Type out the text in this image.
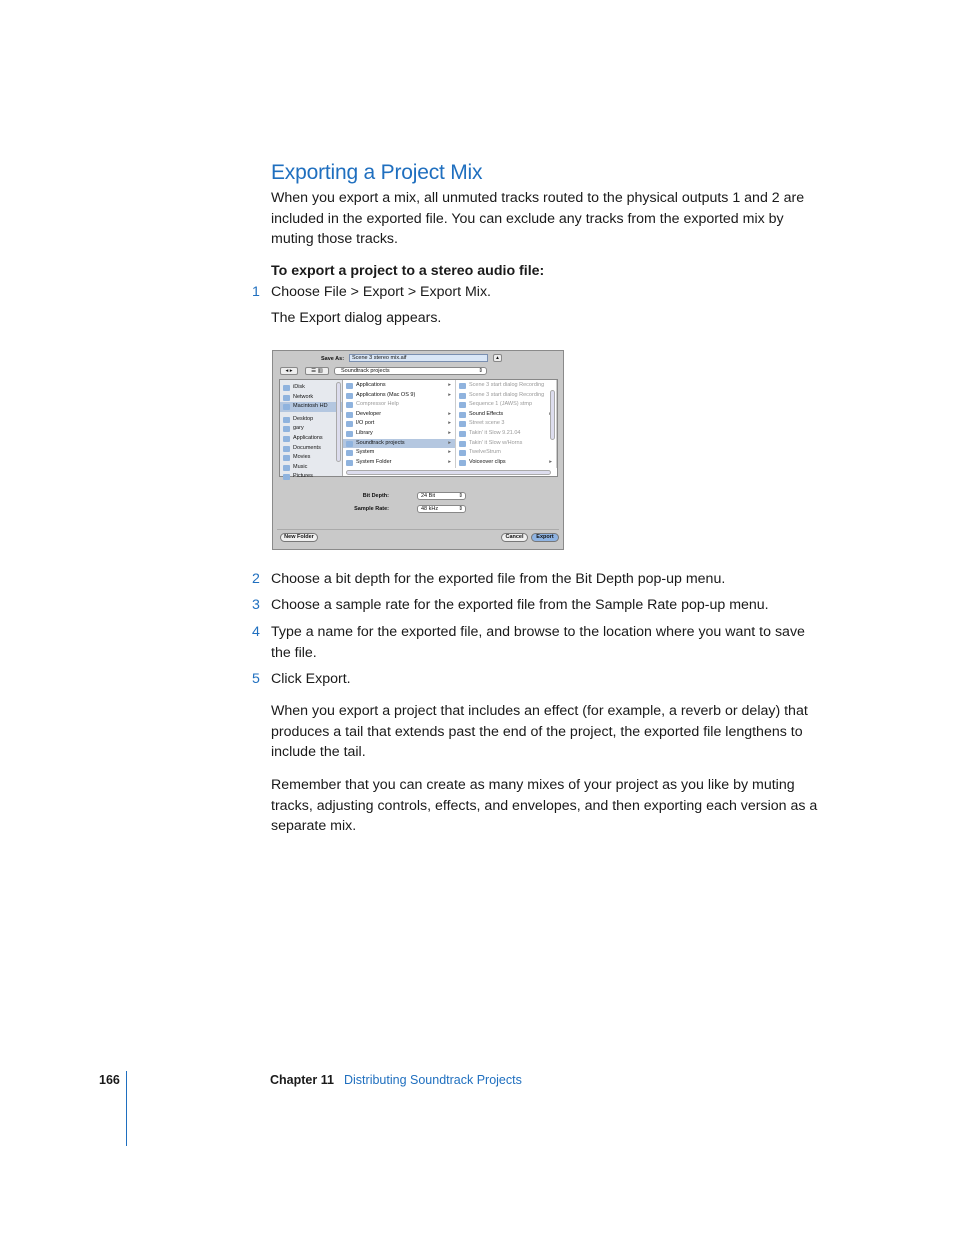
Exporting a Project Mix

When you export a mix, all unmuted tracks routed to the physical outputs 1 and 2 are included in the exported file. You can exclude any tracks from the exported mix by muting those tracks.

To export a project to a stereo audio file:

1 Choose File > Export > Export Mix.

The Export dialog appears.

Save As:	Scene 3 stereo mix.aif	▴
◂ ▸	☰ ▥	Soundtrack projects	⇕
iDisk
Network
Macintosh HD
Desktop
gary
Applications
Documents
Movies
Music
Pictures
Applications	▸
Applications (Mac OS 9)	▸
Compressor Help
Developer	▸
I/O port	▸
Library	▸
Soundtrack projects	▸
System	▸
System Folder	▸
Scene 3 start dialog Recording
Scene 3 start dialog Recording
Sequence 1 (JAWS) stmp
Sound Effects
Street scene 3
Takin' it Slow 9.21.04
Takin' it Slow w/Horns
TwelveStrum
Voiceover clips	▸
Bit Depth:	24 Bit	⇕
Sample Rate:	48 kHz	⇕
New Folder	Cancel	Export
2 Choose a bit depth for the exported file from the Bit Depth pop-up menu.
3 Choose a sample rate for the exported file from the Sample Rate pop-up menu.
4 Type a name for the exported file, and browse to the location where you want to save the file.
5 Click Export.

When you export a project that includes an effect (for example, a reverb or delay) that produces a tail that extends past the end of the project, the exported file lengthens to include the tail.

Remember that you can create as many mixes of your project as you like by muting tracks, adjusting controls, effects, and envelopes, and then exporting each version as a separate mix.

166	Chapter 11 Distributing Soundtrack Projects
